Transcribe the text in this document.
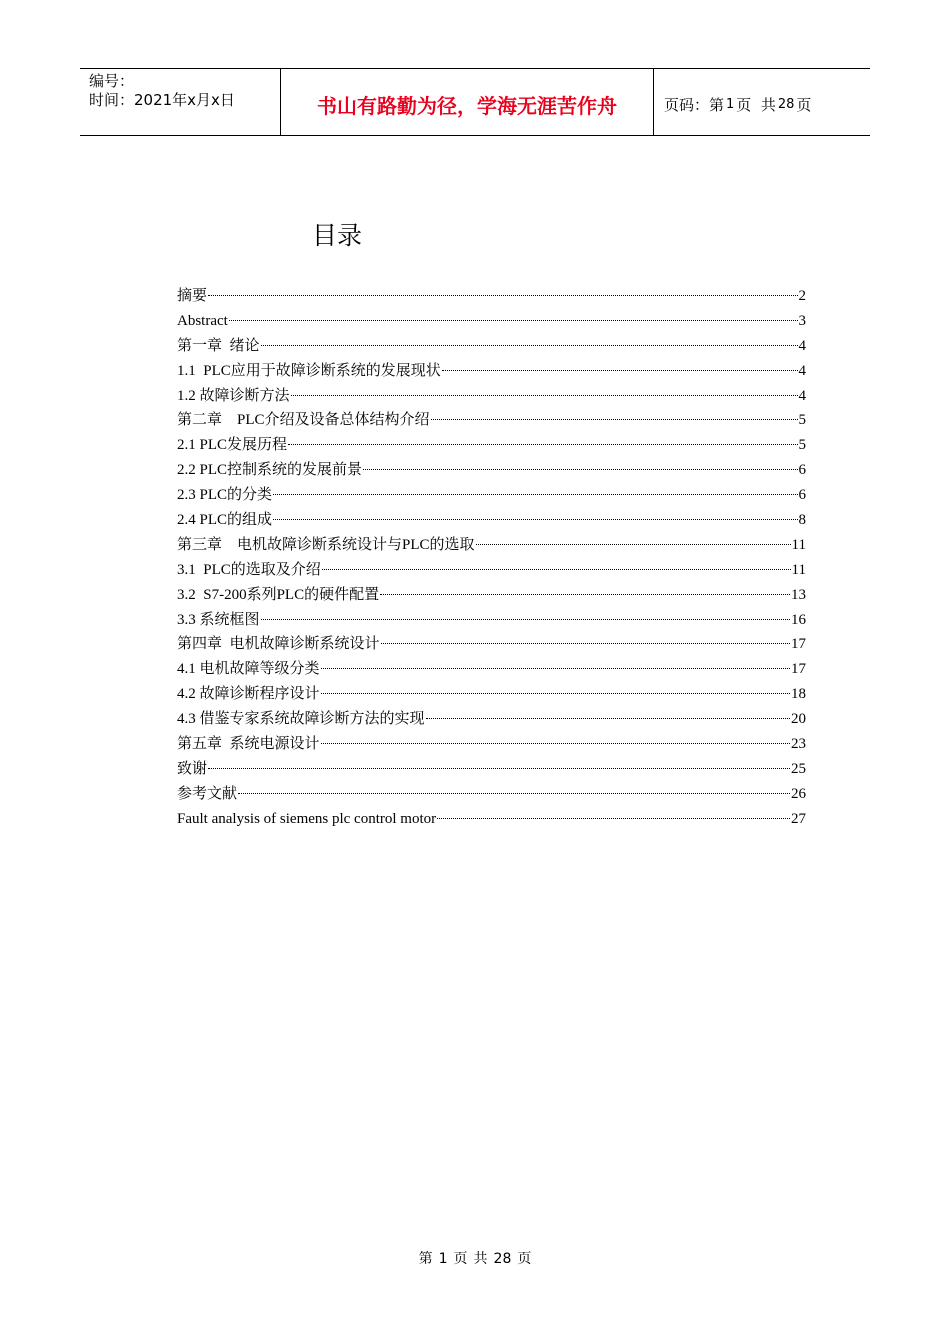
编号：
时间：2021年x月x日	书山有路勤为径，学海无涯苦作舟	页码：第 1 页  共 28 页
目录
摘要	2
Abstract	3
第一章  绪论	4
1.1  PLC应用于故障诊断系统的发展现状	4
1.2 故障诊断方法	4
第二章    PLC介绍及设备总体结构介绍	5
2.1 PLC发展历程	5
2.2 PLC控制系统的发展前景	6
2.3 PLC的分类	6
2.4 PLC的组成	8
第三章    电机故障诊断系统设计与PLC的选取	11
3.1  PLC的选取及介绍	11
3.2  S7-200系列PLC的硬件配置	13
3.3 系统框图	16
第四章  电机故障诊断系统设计	17
4.1 电机故障等级分类	17
4.2 故障诊断程序设计	18
4.3 借鉴专家系统故障诊断方法的实现	20
第五章  系统电源设计	23
致谢	25
参考文献	26
Fault analysis of siemens plc control motor	27
第 1 页 共 28 页
